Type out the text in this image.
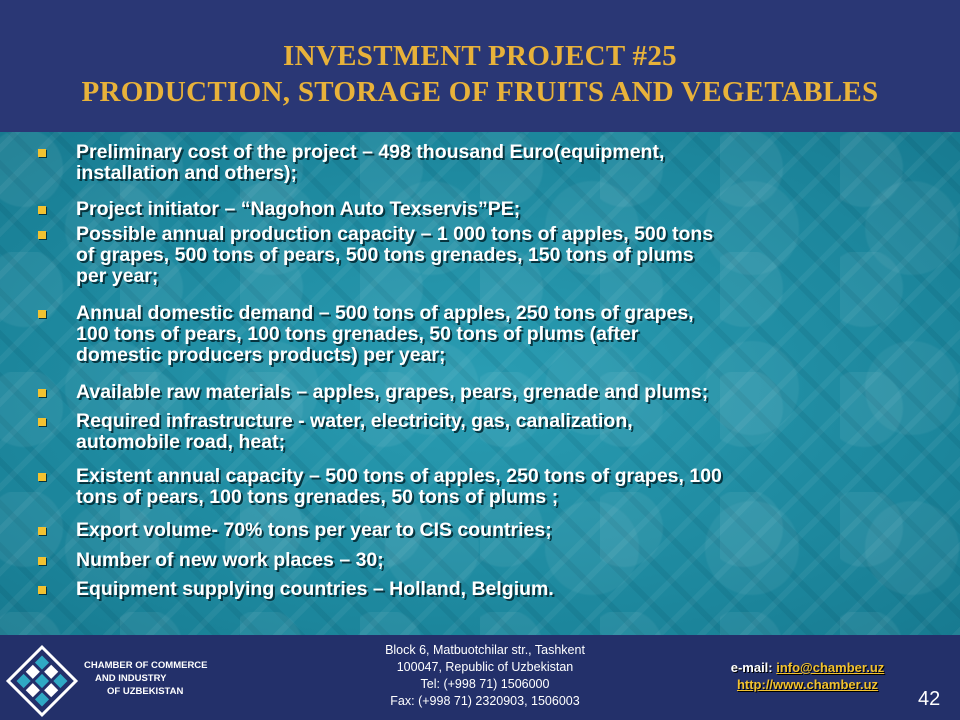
INVESTMENT PROJECT #25
PRODUCTION, STORAGE OF FRUITS AND VEGETABLES
Preliminary cost of the project – 498 thousand Euro(equipment,
installation and others);
Project initiator – “Nagohon Auto Texservis”PE;
Possible annual production capacity – 1 000 tons of apples, 500 tons
of grapes, 500 tons of pears, 500 tons grenades, 150 tons of plums
per year;
Annual domestic demand – 500 tons of apples, 250 tons of grapes,
100 tons of pears, 100 tons grenades, 50 tons of plums (after
domestic producers products) per year;
Available raw materials – apples, grapes, pears, grenade and plums;
Required infrastructure - water, electricity, gas, canalization,
automobile road, heat;
Existent annual capacity – 500 tons of apples, 250 tons of grapes, 100
tons of pears, 100 tons grenades, 50 tons of plums ;
Export volume- 70% tons per year to CIS countries;
Number of new work places – 30;
Equipment supplying countries – Holland, Belgium.
CHAMBER OF COMMERCE
AND INDUSTRY
OF UZBEKISTAN
Block 6, Matbuotchilar str., Tashkent
100047, Republic of Uzbekistan
Tel: (+998 71) 1506000
Fax: (+998 71) 2320903, 1506003
e-mail: info@chamber.uz
http://www.chamber.uz
42
